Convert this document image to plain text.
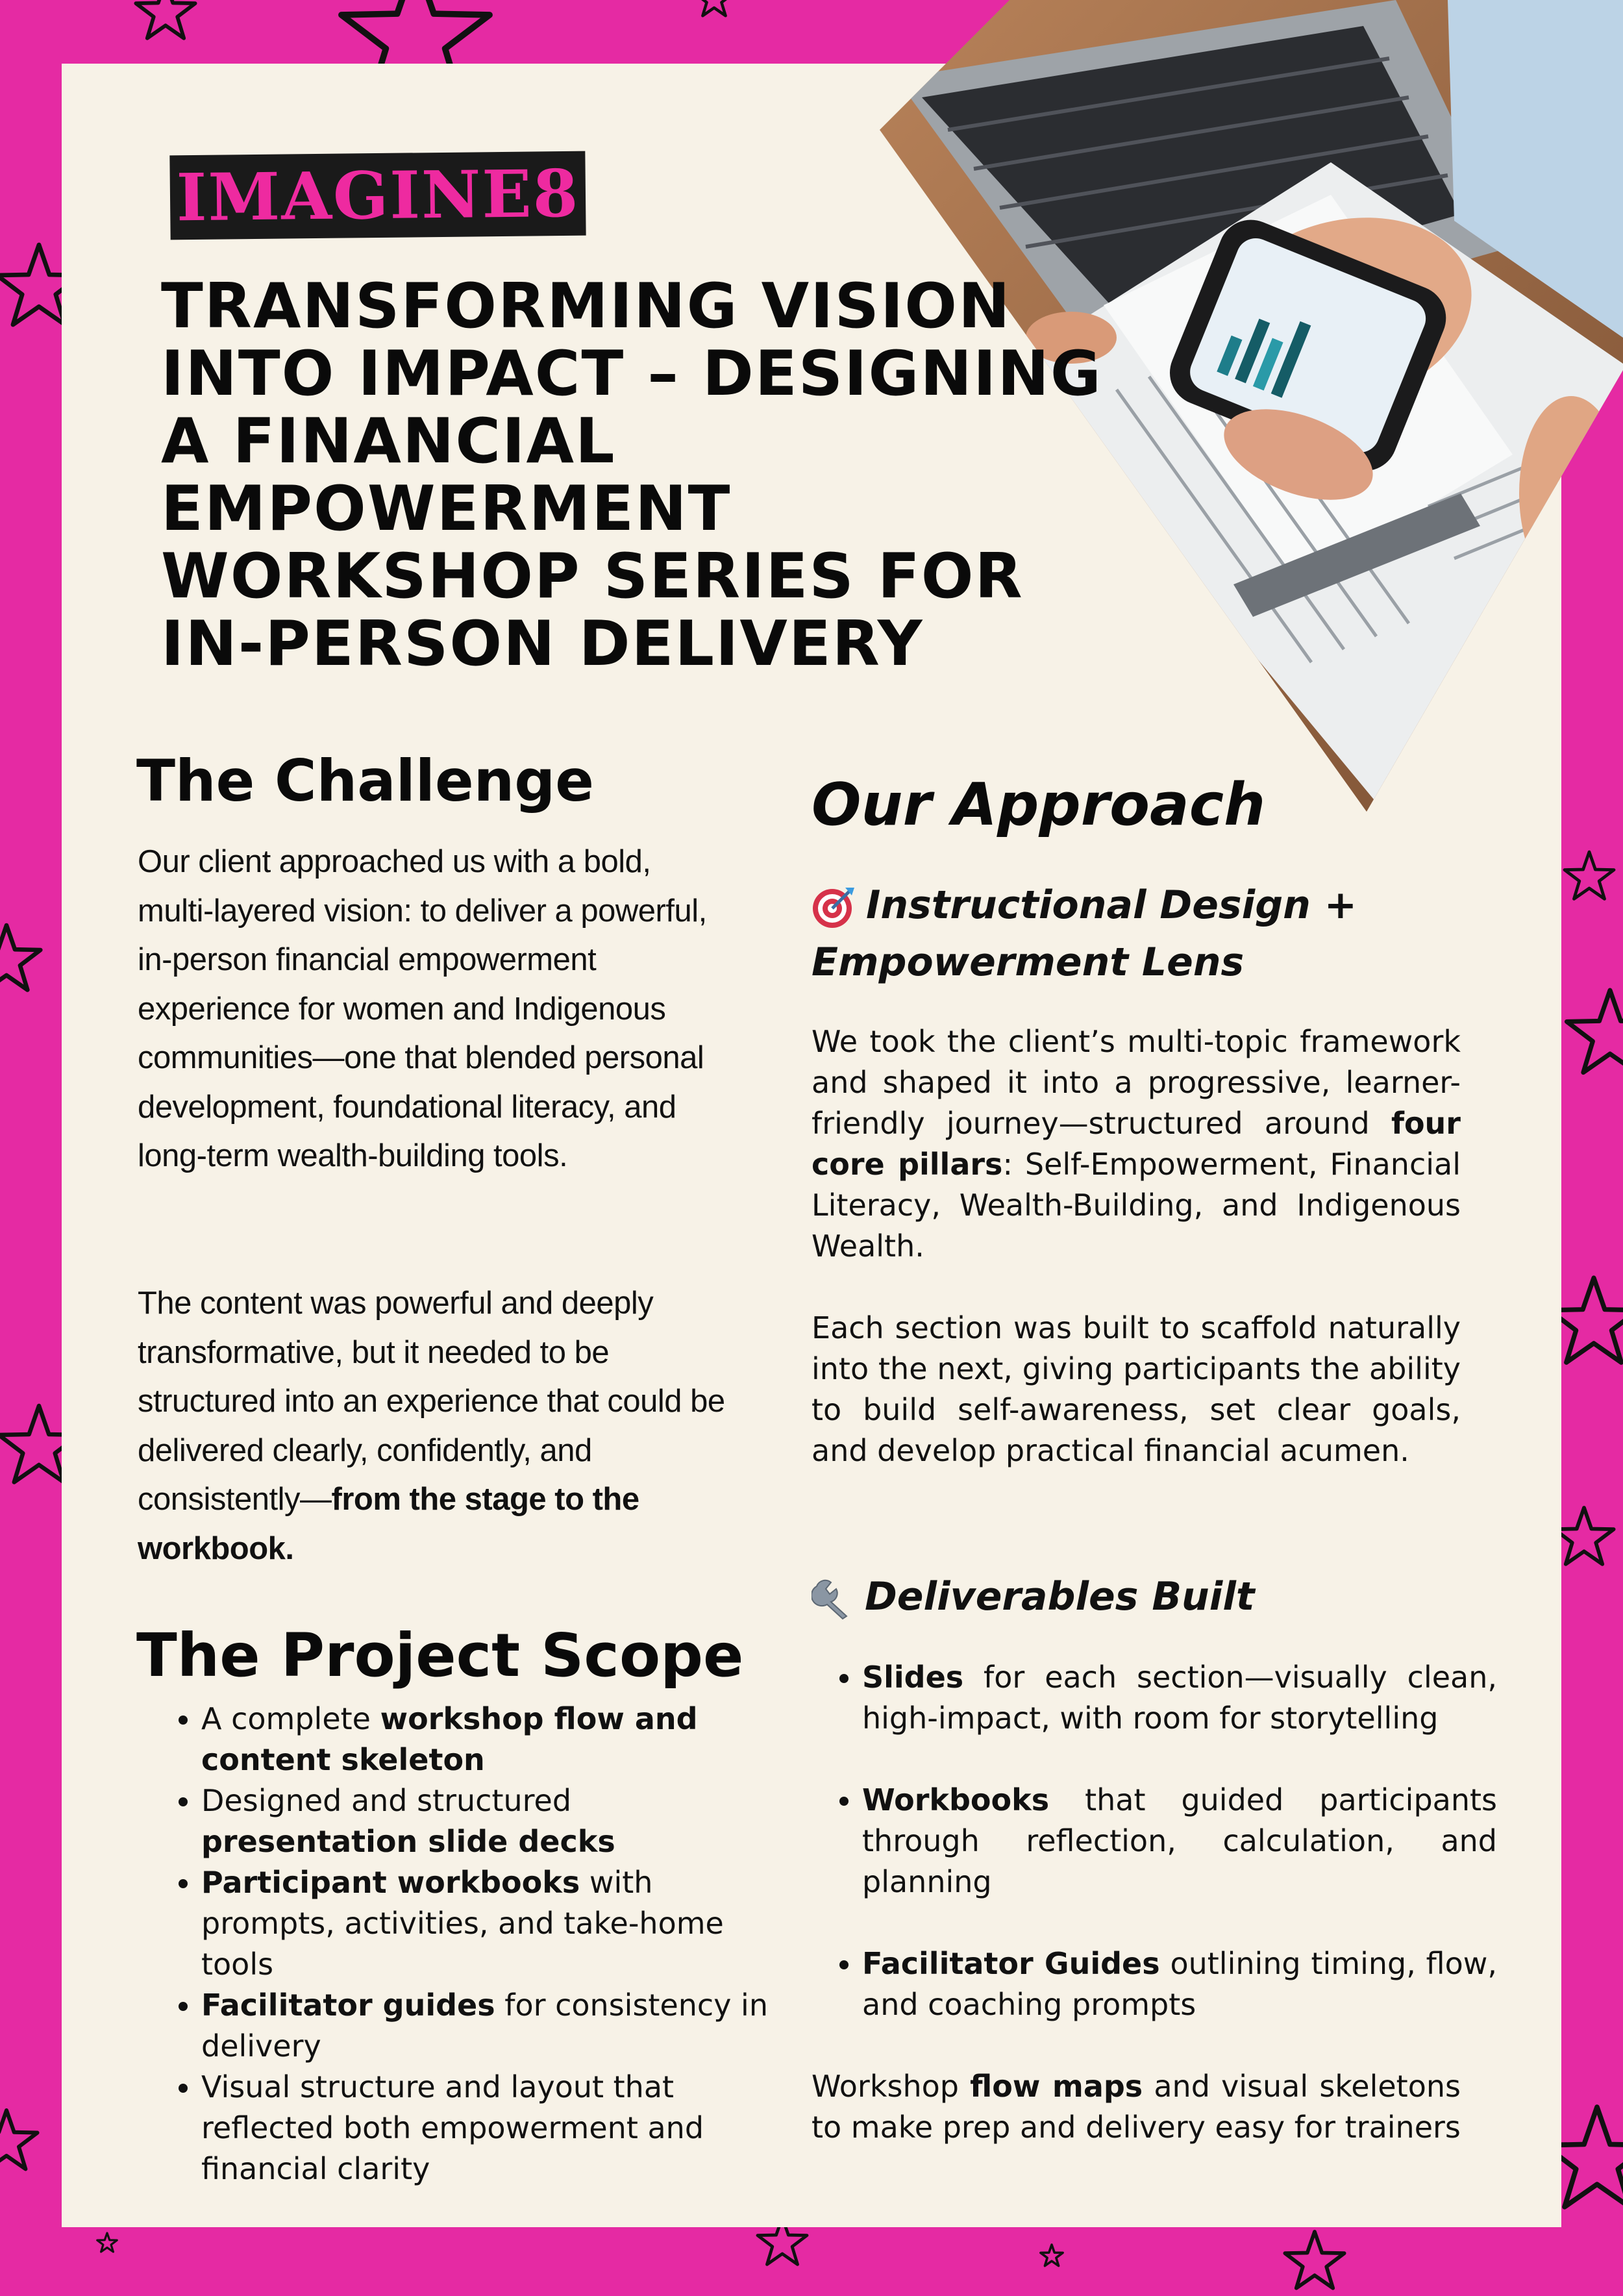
IMAGINE8
TRANSFORMING VISION INTO IMPACT – DESIGNING A FINANCIAL EMPOWERMENT WORKSHOP SERIES FOR IN-PERSON DELIVERY
The Challenge

Our client approached us with a bold, multi-layered vision: to deliver a powerful, in-person financial empowerment experience for women and Indigenous communities—one that blended personal development, foundational literacy, and long-term wealth-building tools.

The content was powerful and deeply transformative, but it needed to be structured into an experience that could be delivered clearly, confidently, and consistently—from the stage to the workbook.

The Project Scope
• A complete workshop flow and content skeleton
• Designed and structured presentation slide decks
• Participant workbooks with prompts, activities, and take-home tools
• Facilitator guides for consistency in delivery
• Visual structure and layout that reflected both empowerment and financial clarity
Our Approach
Instructional Design + Empowerment Lens

We took the client’s multi-topic framework and shaped it into a progressive, learner-friendly journey—structured around four core pillars: Self-Empowerment, Financial Literacy, Wealth-Building, and Indigenous Wealth.

Each section was built to scaffold naturally into the next, giving participants the ability to build self-awareness, set clear goals, and develop practical financial acumen.

Deliverables Built
• Slides for each section—visually clean, high-impact, with room for storytelling
• Workbooks that guided participants through reflection, calculation, and planning
• Facilitator Guides outlining timing, flow, and coaching prompts

Workshop flow maps and visual skeletons to make prep and delivery easy for trainers
